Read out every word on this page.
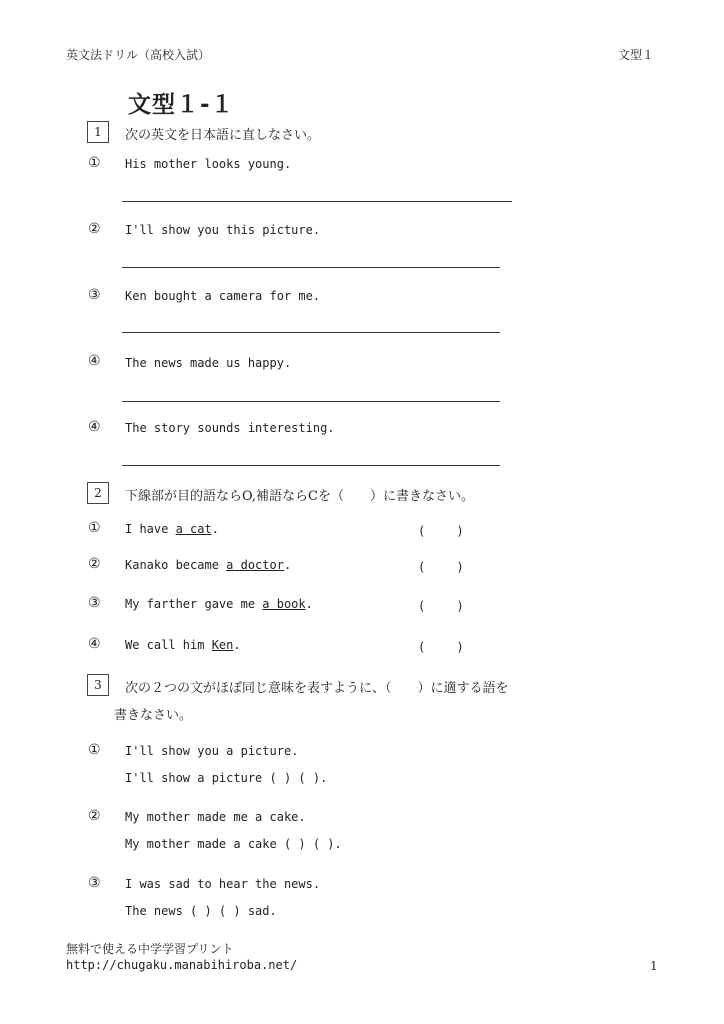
英文法ドリル（高校入試）	文型１
文型１-１
1	次の英文を日本語に直しなさい。
① His mother looks young.
② I'll show you this picture.
③ Ken bought a camera for me.
④ The news made us happy.
④ The story sounds interesting.
2	下線部が目的語ならO,補語ならCを（　　）に書きなさい。
① I have a cat.	(　　 )
② Kanako became a doctor.	(　　 )
③ My farther gave me a book.	(　　 )
④ We call him Ken.	(　　 )
3	次の２つの文がほぼ同じ意味を表すように、（　　）に適する語を
書きなさい。
① I'll show you a picture.
I'll show a picture ( ) ( ).
② My mother made me a cake.
My mother made a cake ( ) ( ).
③ I was sad to hear the news.
The news ( ) ( ) sad.
無料で使える中学学習プリント
http://chugaku.manabihiroba.net/	1
